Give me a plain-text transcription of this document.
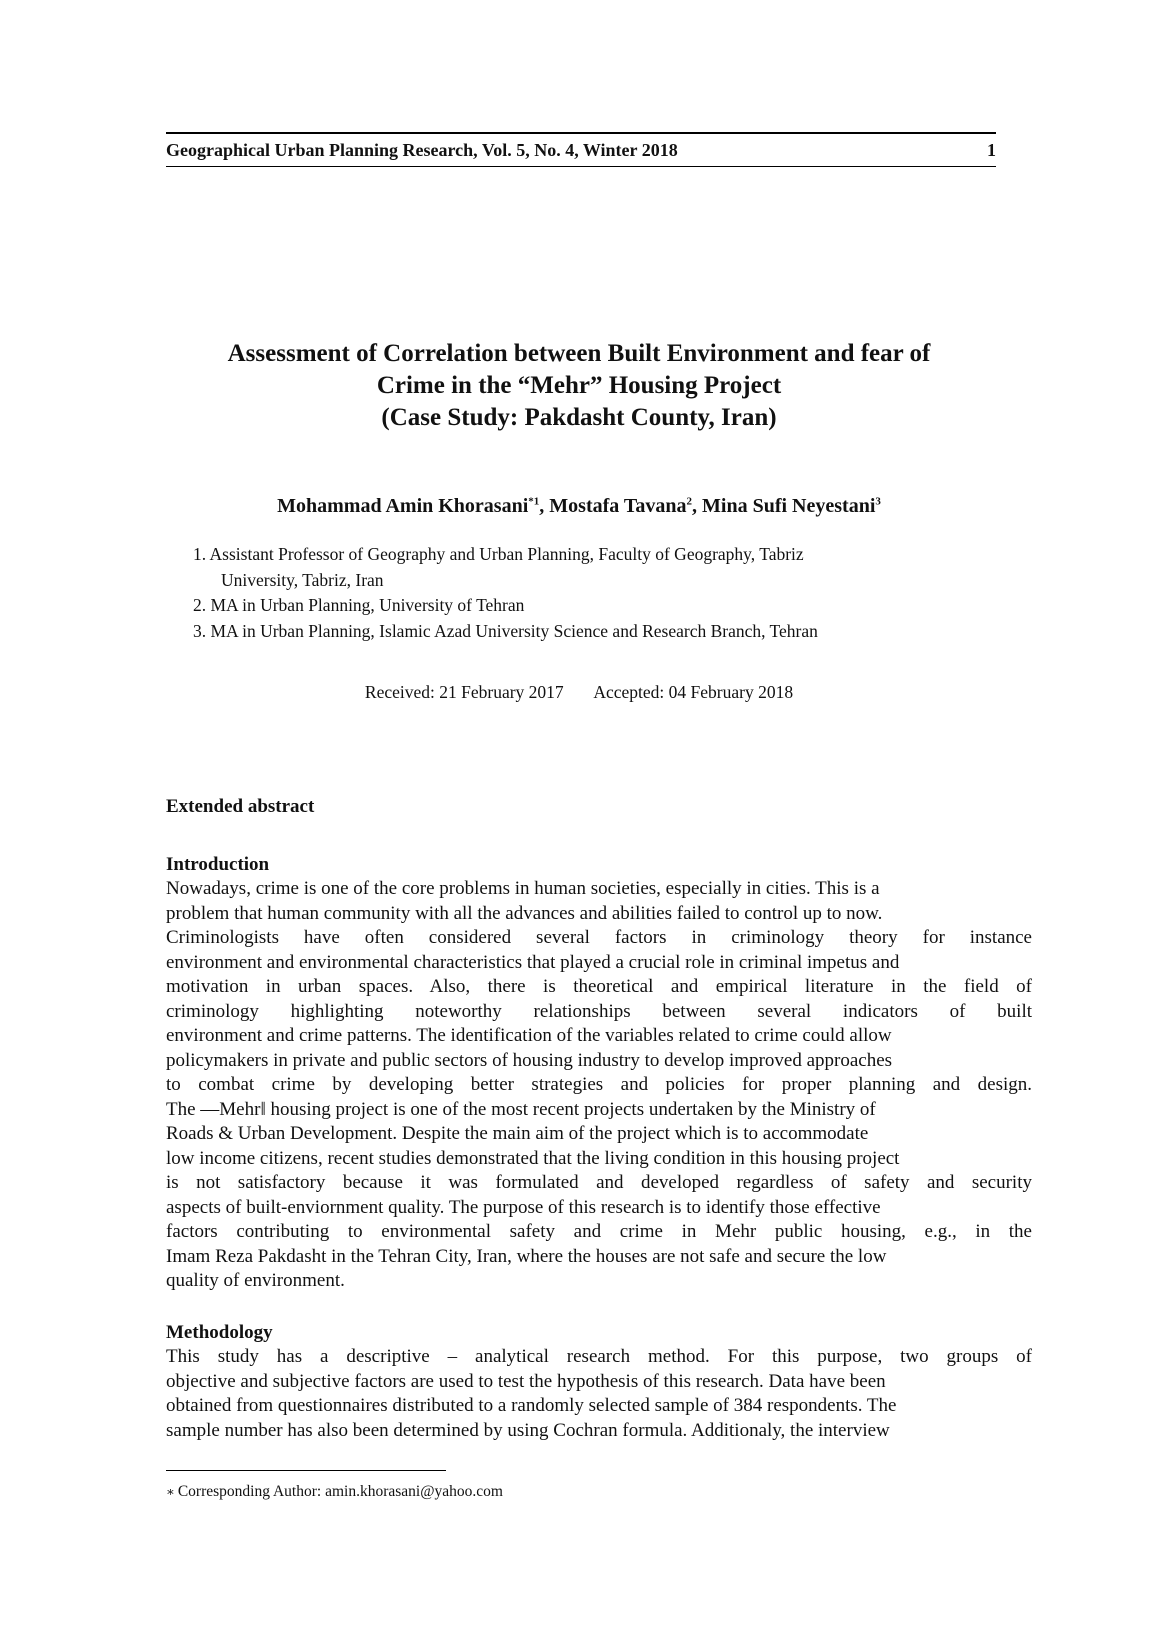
Geographical Urban Planning Research, Vol. 5, No. 4, Winter 2018	1
Assessment of Correlation between Built Environment and fear of
Crime in the “Mehr” Housing Project
(Case Study: Pakdasht County, Iran)
Mohammad Amin Khorasani$^{*1}$, Mostafa Tavana$^2$, Mina Sufi Neyestani$^3$
1. Assistant Professor of Geography and Urban Planning, Faculty of Geography, Tabriz
University, Tabriz, Iran
2. MA in Urban Planning, University of Tehran
3. MA in Urban Planning, Islamic Azad University Science and Research Branch, Tehran
Received: 21 February 2017 Accepted: 04 February 2018
Extended abstract
Introduction
Nowadays, crime is one of the core problems in human societies, especially in cities. This is a
problem that human community with all the advances and abilities failed to control up to now.
Criminologists have often considered several factors in criminology theory for instance
environment and environmental characteristics that played a crucial role in criminal impetus and
motivation in urban spaces. Also, there is theoretical and empirical literature in the field of
criminology highlighting noteworthy relationships between several indicators of built
environment and crime patterns. The identification of the variables related to crime could allow
policymakers in private and public sectors of housing industry to develop improved approaches
to combat crime by developing better strategies and policies for proper planning and design.
The ―Mehr‖ housing project is one of the most recent projects undertaken by the Ministry of
Roads & Urban Development. Despite the main aim of the project which is to accommodate
low income citizens, recent studies demonstrated that the living condition in this housing project
is not satisfactory because it was formulated and developed regardless of safety and security
aspects of built-enviornment quality. The purpose of this research is to identify those effective
factors contributing to environmental safety and crime in Mehr public housing, e.g., in the
Imam Reza Pakdasht in the Tehran City, Iran, where the houses are not safe and secure the low
quality of environment.
Methodology
This study has a descriptive – analytical research method. For this purpose, two groups of
objective and subjective factors are used to test the hypothesis of this research. Data have been
obtained from questionnaires distributed to a randomly selected sample of 384 respondents. The
sample number has also been determined by using Cochran formula. Additionaly, the interview
∗ Corresponding Author: amin.khorasani@yahoo.com
